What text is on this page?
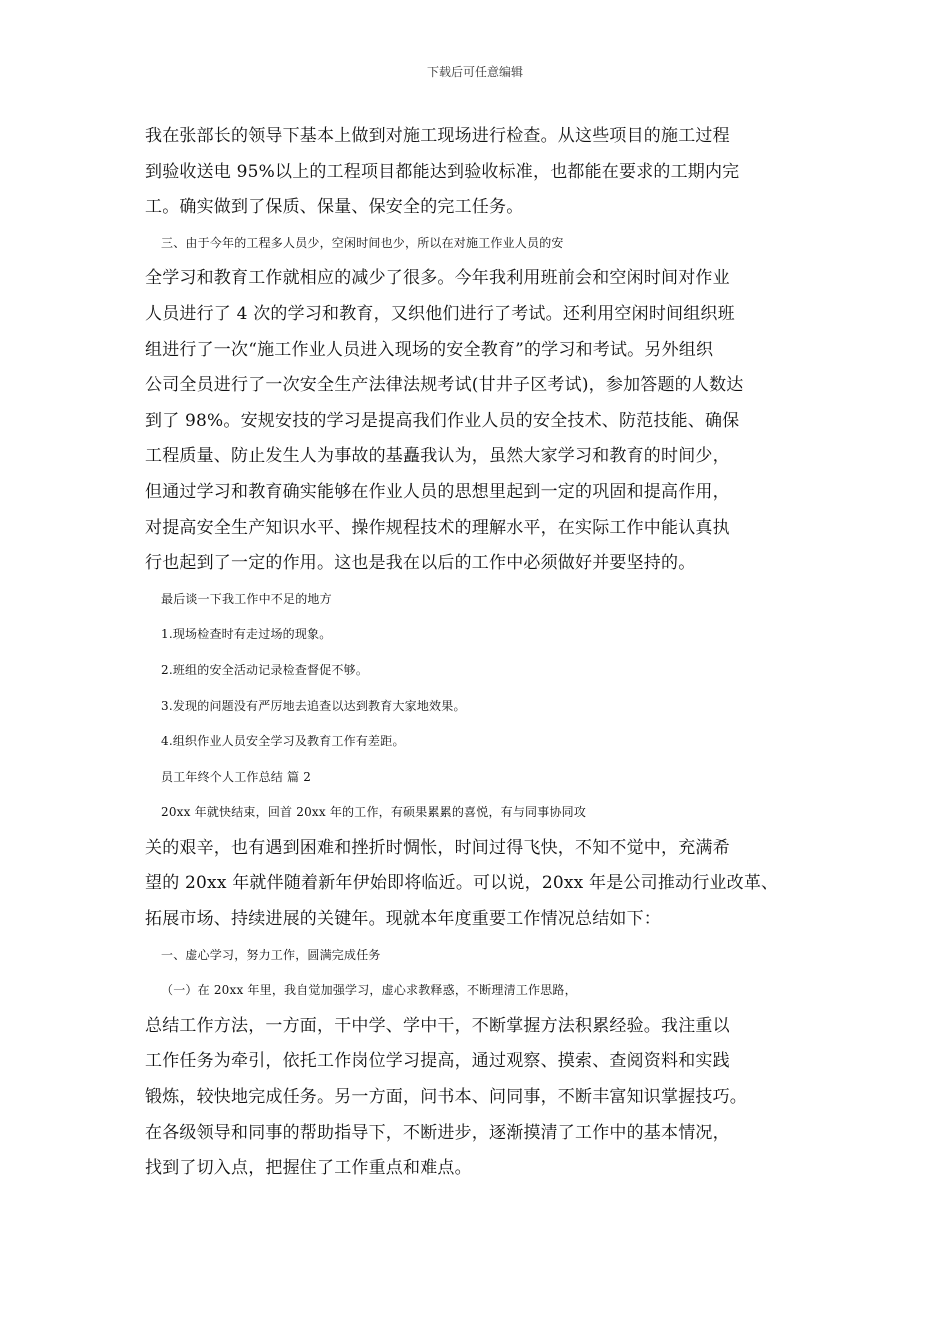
下载后可任意编辑
我在张部长的领导下基本上做到对施工现场进行检查。从这些项目的施工过程
到验收送电 95%以上的工程项目都能达到验收标准，也都能在要求的工期内完
工。确实做到了保质、保量、保安全的完工任务。
三、由于今年的工程多人员少，空闲时间也少，所以在对施工作业人员的安
全学习和教育工作就相应的减少了很多。今年我利用班前会和空闲时间对作业
人员进行了 4 次的学习和教育，又织他们进行了考试。还利用空闲时间组织班
组进行了一次“施工作业人员进入现场的安全教育”的学习和考试。另外组织
公司全员进行了一次安全生产法律法规考试(甘井子区考试)，参加答题的人数达
到了 98%。安规安技的学习是提高我们作业人员的安全技术、防范技能、确保
工程质量、防止发生人为事故的基矗我认为，虽然大家学习和教育的时间少，
但通过学习和教育确实能够在作业人员的思想里起到一定的巩固和提高作用，
对提高安全生产知识水平、操作规程技术的理解水平，在实际工作中能认真执
行也起到了一定的作用。这也是我在以后的工作中必须做好并要坚持的。
最后谈一下我工作中不足的地方
1.现场检查时有走过场的现象。
2.班组的安全活动记录检查督促不够。
3.发现的问题没有严厉地去追查以达到教育大家地效果。
4.组织作业人员安全学习及教育工作有差距。
员工年终个人工作总结 篇 2
20xx 年就快结束，回首 20xx 年的工作，有硕果累累的喜悦，有与同事协同攻
关的艰辛，也有遇到困难和挫折时惆怅，时间过得飞快，不知不觉中，充满希
望的 20xx 年就伴随着新年伊始即将临近。可以说，20xx 年是公司推动行业改革、
拓展市场、持续进展的关键年。现就本年度重要工作情况总结如下：
一、虚心学习，努力工作，圆满完成任务
（一）在 20xx 年里，我自觉加强学习，虚心求教释惑，不断理清工作思路，
总结工作方法，一方面，干中学、学中干，不断掌握方法积累经验。我注重以
工作任务为牵引，依托工作岗位学习提高，通过观察、摸索、查阅资料和实践
锻炼，较快地完成任务。另一方面，问书本、问同事，不断丰富知识掌握技巧。
在各级领导和同事的帮助指导下，不断进步，逐渐摸清了工作中的基本情况，
找到了切入点，把握住了工作重点和难点。
